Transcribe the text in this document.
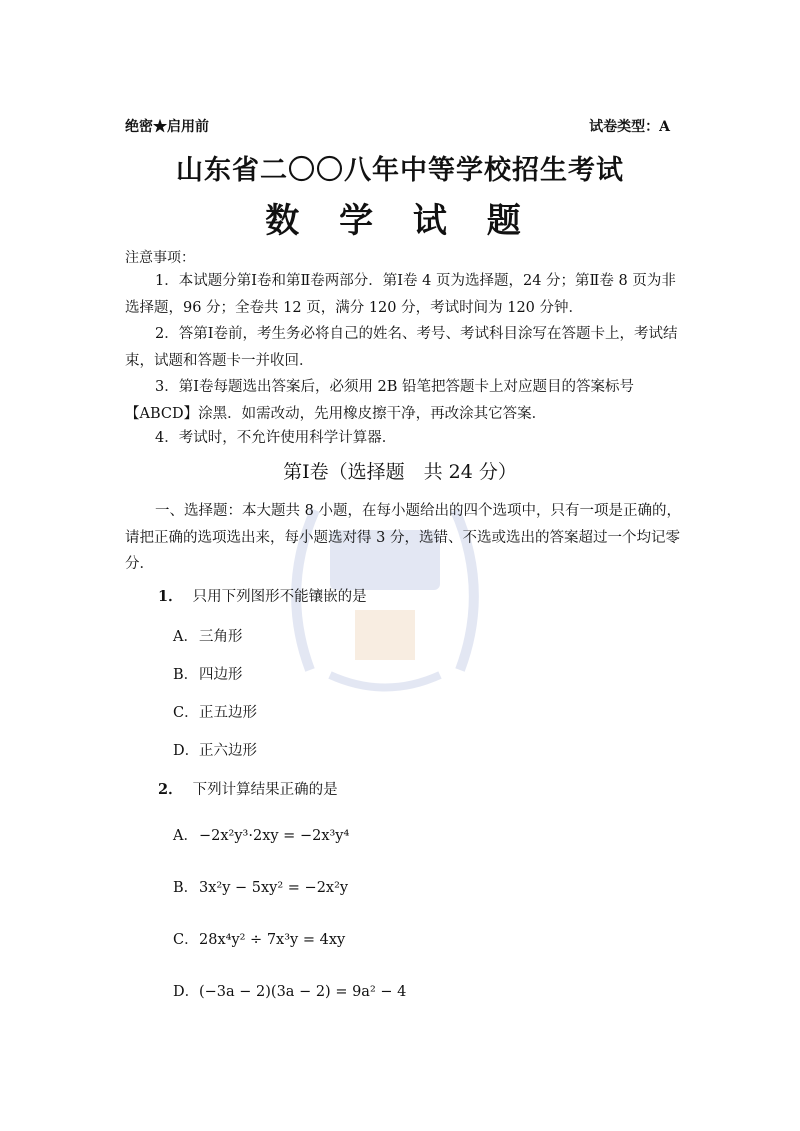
绝密★启用前	试卷类型：A
山东省二〇〇八年中等学校招生考试
数 学 试 题
注意事项：
1．本试题分第Ⅰ卷和第Ⅱ卷两部分．第Ⅰ卷 4 页为选择题，24 分；第Ⅱ卷 8 页为非选择题，96 分；全卷共 12 页，满分 120 分，考试时间为 120 分钟．
2．答第Ⅰ卷前，考生务必将自己的姓名、考号、考试科目涂写在答题卡上，考试结束，试题和答题卡一并收回．
3．第Ⅰ卷每题选出答案后，必须用 2B 铅笔把答题卡上对应题目的答案标号【ABCD】涂黑．如需改动，先用橡皮擦干净，再改涂其它答案．
4．考试时，不允许使用科学计算器．
第Ⅰ卷（选择题　共 24 分）
一、选择题：本大题共 8 小题，在每小题给出的四个选项中，只有一项是正确的，请把正确的选项选出来，每小题选对得 3 分，选错、不选或选出的答案超过一个均记零分．
1． 只用下列图形不能镶嵌的是
A．三角形
B．四边形
C．正五边形
D．正六边形
2． 下列计算结果正确的是
A．−2x²y³·2xy = −2x³y⁴
B．3x²y − 5xy² = −2x²y
C．28x⁴y² ÷ 7x³y = 4xy
D．(−3a − 2)(3a − 2) = 9a² − 4
